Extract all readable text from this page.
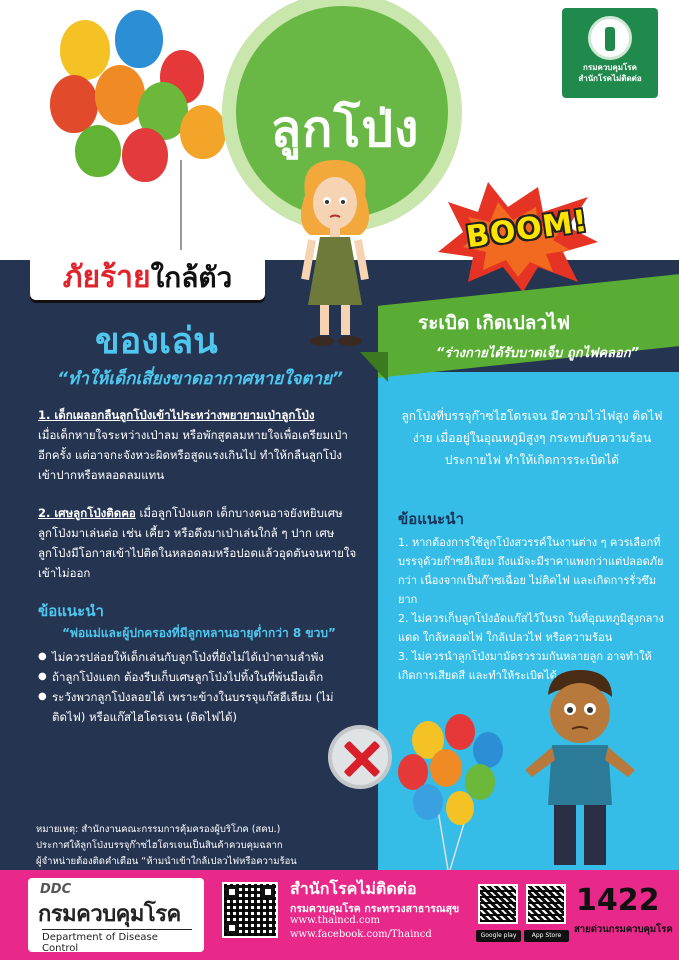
ลูกโป่ง
กรมควบคุมโรค
สำนักโรคไม่ติดต่อ
BOOM!
ภัยร้ายใกล้ตัว
ของเล่น
“ทำให้เด็กเสี่ยงขาดอากาศหายใจตาย”
ระเบิด เกิดเปลวไฟ
“ร่างกายได้รับบาดเจ็บ ถูกไฟคลอก”
1. เด็กเผลอกลืนลูกโป่งเข้าไประหว่างพยายามเป่าลูกโป่ง
เมื่อเด็กหายใจระหว่างเป่าลม หรือพักสูดลมหายใจเพื่อเตรียมเป่าอีกครั้ง แต่อาจกะจังหวะผิดหรือสูดแรงเกินไป ทำให้กลืนลูกโป่งเข้าปากหรือหลอดลมแทน
2. เศษลูกโป่งติดคอ เมื่อลูกโป่งแตก เด็กบางคนอาจยังหยิบเศษลูกโป่งมาเล่นต่อ เช่น เคี้ยว หรือดึงมาเป่าเล่นใกล้ ๆ ปาก เศษลูกโป่งมีโอกาสเข้าไปติดในหลอดลมหรือปอดแล้วอุดตันจนหายใจเข้าไม่ออก
ข้อแนะนำ
“พ่อแม่และผู้ปกครองที่มีลูกหลานอายุต่ำกว่า 8 ขวบ”
● ไม่ควรปล่อยให้เด็กเล่นกับลูกโป่งที่ยังไม่ได้เป่าตามลำพัง
● ถ้าลูกโป่งแตก ต้องรีบเก็บเศษลูกโป่งไปทิ้งในที่พ้นมือเด็ก
● ระวังพวกลูกโป่งลอยได้ เพราะข้างในบรรจุแก๊สฮีเลียม (ไม่ติดไฟ) หรือแก๊สไฮโดรเจน (ติดไฟได้)
ลูกโป่งที่บรรจุก๊าซไฮโดรเจน มีความไวไฟสูง ติดไฟง่าย เมื่ออยู่ในอุณหภูมิสูงๆ กระทบกับความร้อน ประกายไฟ ทำให้เกิดการระเบิดได้
ข้อแนะนำ

1. หากต้องการใช้ลูกโป่งสวรรค์ในงานต่าง ๆ ควรเลือกที่บรรจุด้วยก๊าซฮีเลียม ถึงแม้จะมีราคาแพงกว่าแต่ปลอดภัยกว่า เนื่องจากเป็นก๊าซเฉื่อย ไม่ติดไฟ และเกิดการรั่วซึมยาก

2. ไม่ควรเก็บลูกโป่งอัดแก๊สไว้ในรถ ในที่อุณหภูมิสูงกลางแดด ใกล้หลอดไฟ ใกล้เปลวไฟ หรือความร้อน

3. ไม่ควรนำลูกโป่งมามัดรวรวมกันหลายลูก อาจทำให้เกิดการเสียดสี และทำให้ระเบิดได้

หมายเหตุ: สำนักงานคณะกรรมการคุ้มครองผู้บริโภค (สคบ.)
ประกาศให้ลูกโป่งบรรจุก๊าซไฮโดรเจนเป็นสินค้าควบคุมฉลาก
ผู้จำหน่ายต้องติดคำเตือน “ห้ามนำเข้าใกล้เปลวไฟหรือความร้อน
DDC
กรมควบคุมโรค
Department of Disease Control
สำนักโรคไม่ติดต่อ
กรมควบคุมโรค กระทรวงสาธารณสุข
www.thaincd.com
www.facebook.com/Thaincd	Google play	App Store
1422
สายด่วนกรมควบคุมโรค
